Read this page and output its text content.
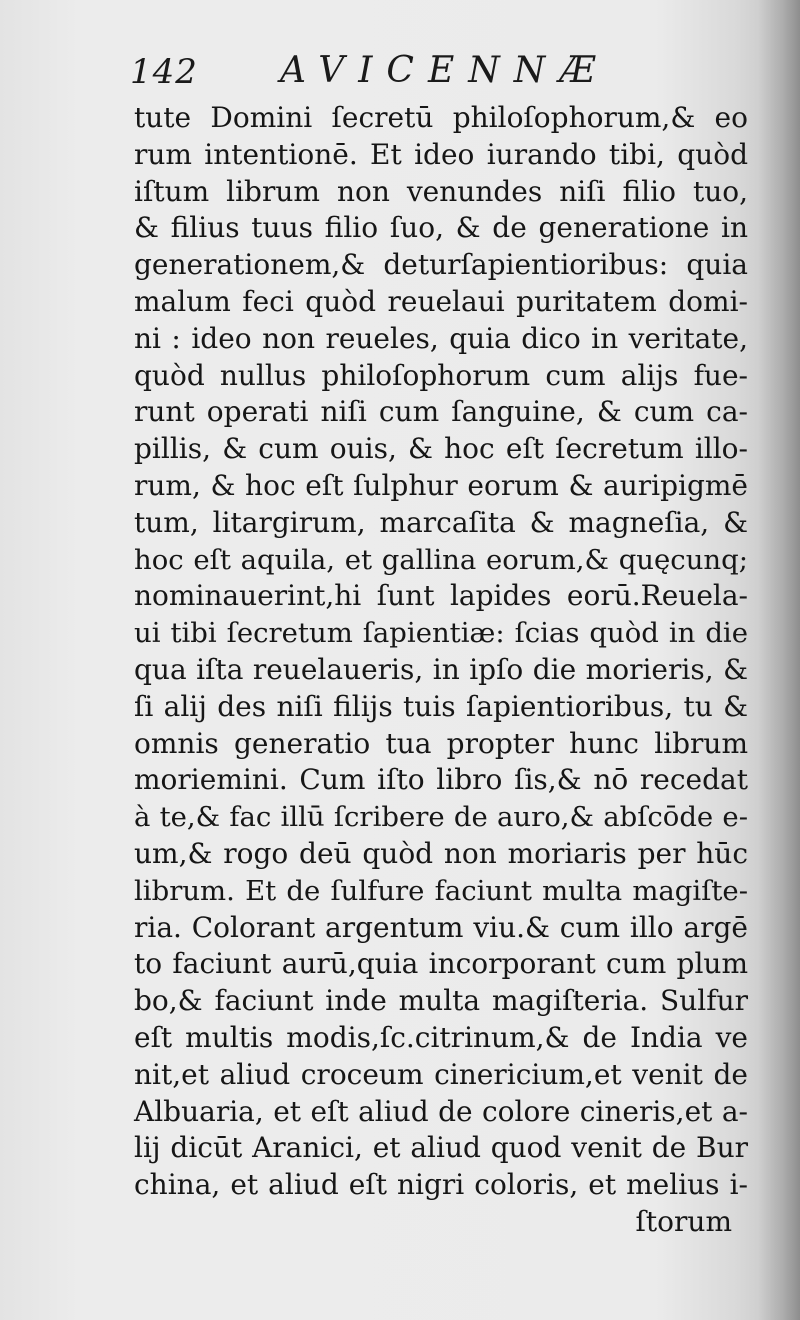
142 AVICENNÆ
tute Domini ſecretū philoſophorum,& eo
rum intentionē. Et ideo iurando tibi, quòd
iſtum librum non venundes niſi filio tuo,
& filius tuus filio ſuo, & de generatione in
generationem,& deturſapientioribus: quia
malum feci quòd reuelaui puritatem domi-
ni : ideo non reueles, quia dico in veritate,
quòd nullus philoſophorum cum alijs fue-
runt operati niſi cum ſanguine, & cum ca-
pillis, & cum ouis, & hoc eſt ſecretum illo-
rum, & hoc eſt ſulphur eorum & auripigmē
tum, litargirum, marcaſita & magneſia, &
hoc eſt aquila, et gallina eorum,& quęcunq;
nominauerint,hi ſunt lapides eorū.Reuela-
ui tibi ſecretum ſapientiæ: ſcias quòd in die
qua iſta reuelaueris, in ipſo die morieris, &
ſi alij des niſi filijs tuis ſapientioribus, tu &
omnis generatio tua propter hunc librum
moriemini. Cum iſto libro ſis,& nō recedat
à te,& fac illū ſcribere de auro,& abſcōde e-
um,& rogo deū quòd non moriaris per hūc
librum. Et de ſulfure faciunt multa magiſte-
ria. Colorant argentum viu.& cum illo argē
to faciunt aurū,quia incorporant cum plum
bo,& faciunt inde multa magiſteria. Sulfur
eſt multis modis,ſc.citrinum,& de India ve
nit,et aliud croceum cinericium,et venit de
Albuaria, et eſt aliud de colore cineris,et a-
lij dicūt Aranici, et aliud quod venit de Bur
china, et aliud eſt nigri coloris, et melius i-
ſtorum
